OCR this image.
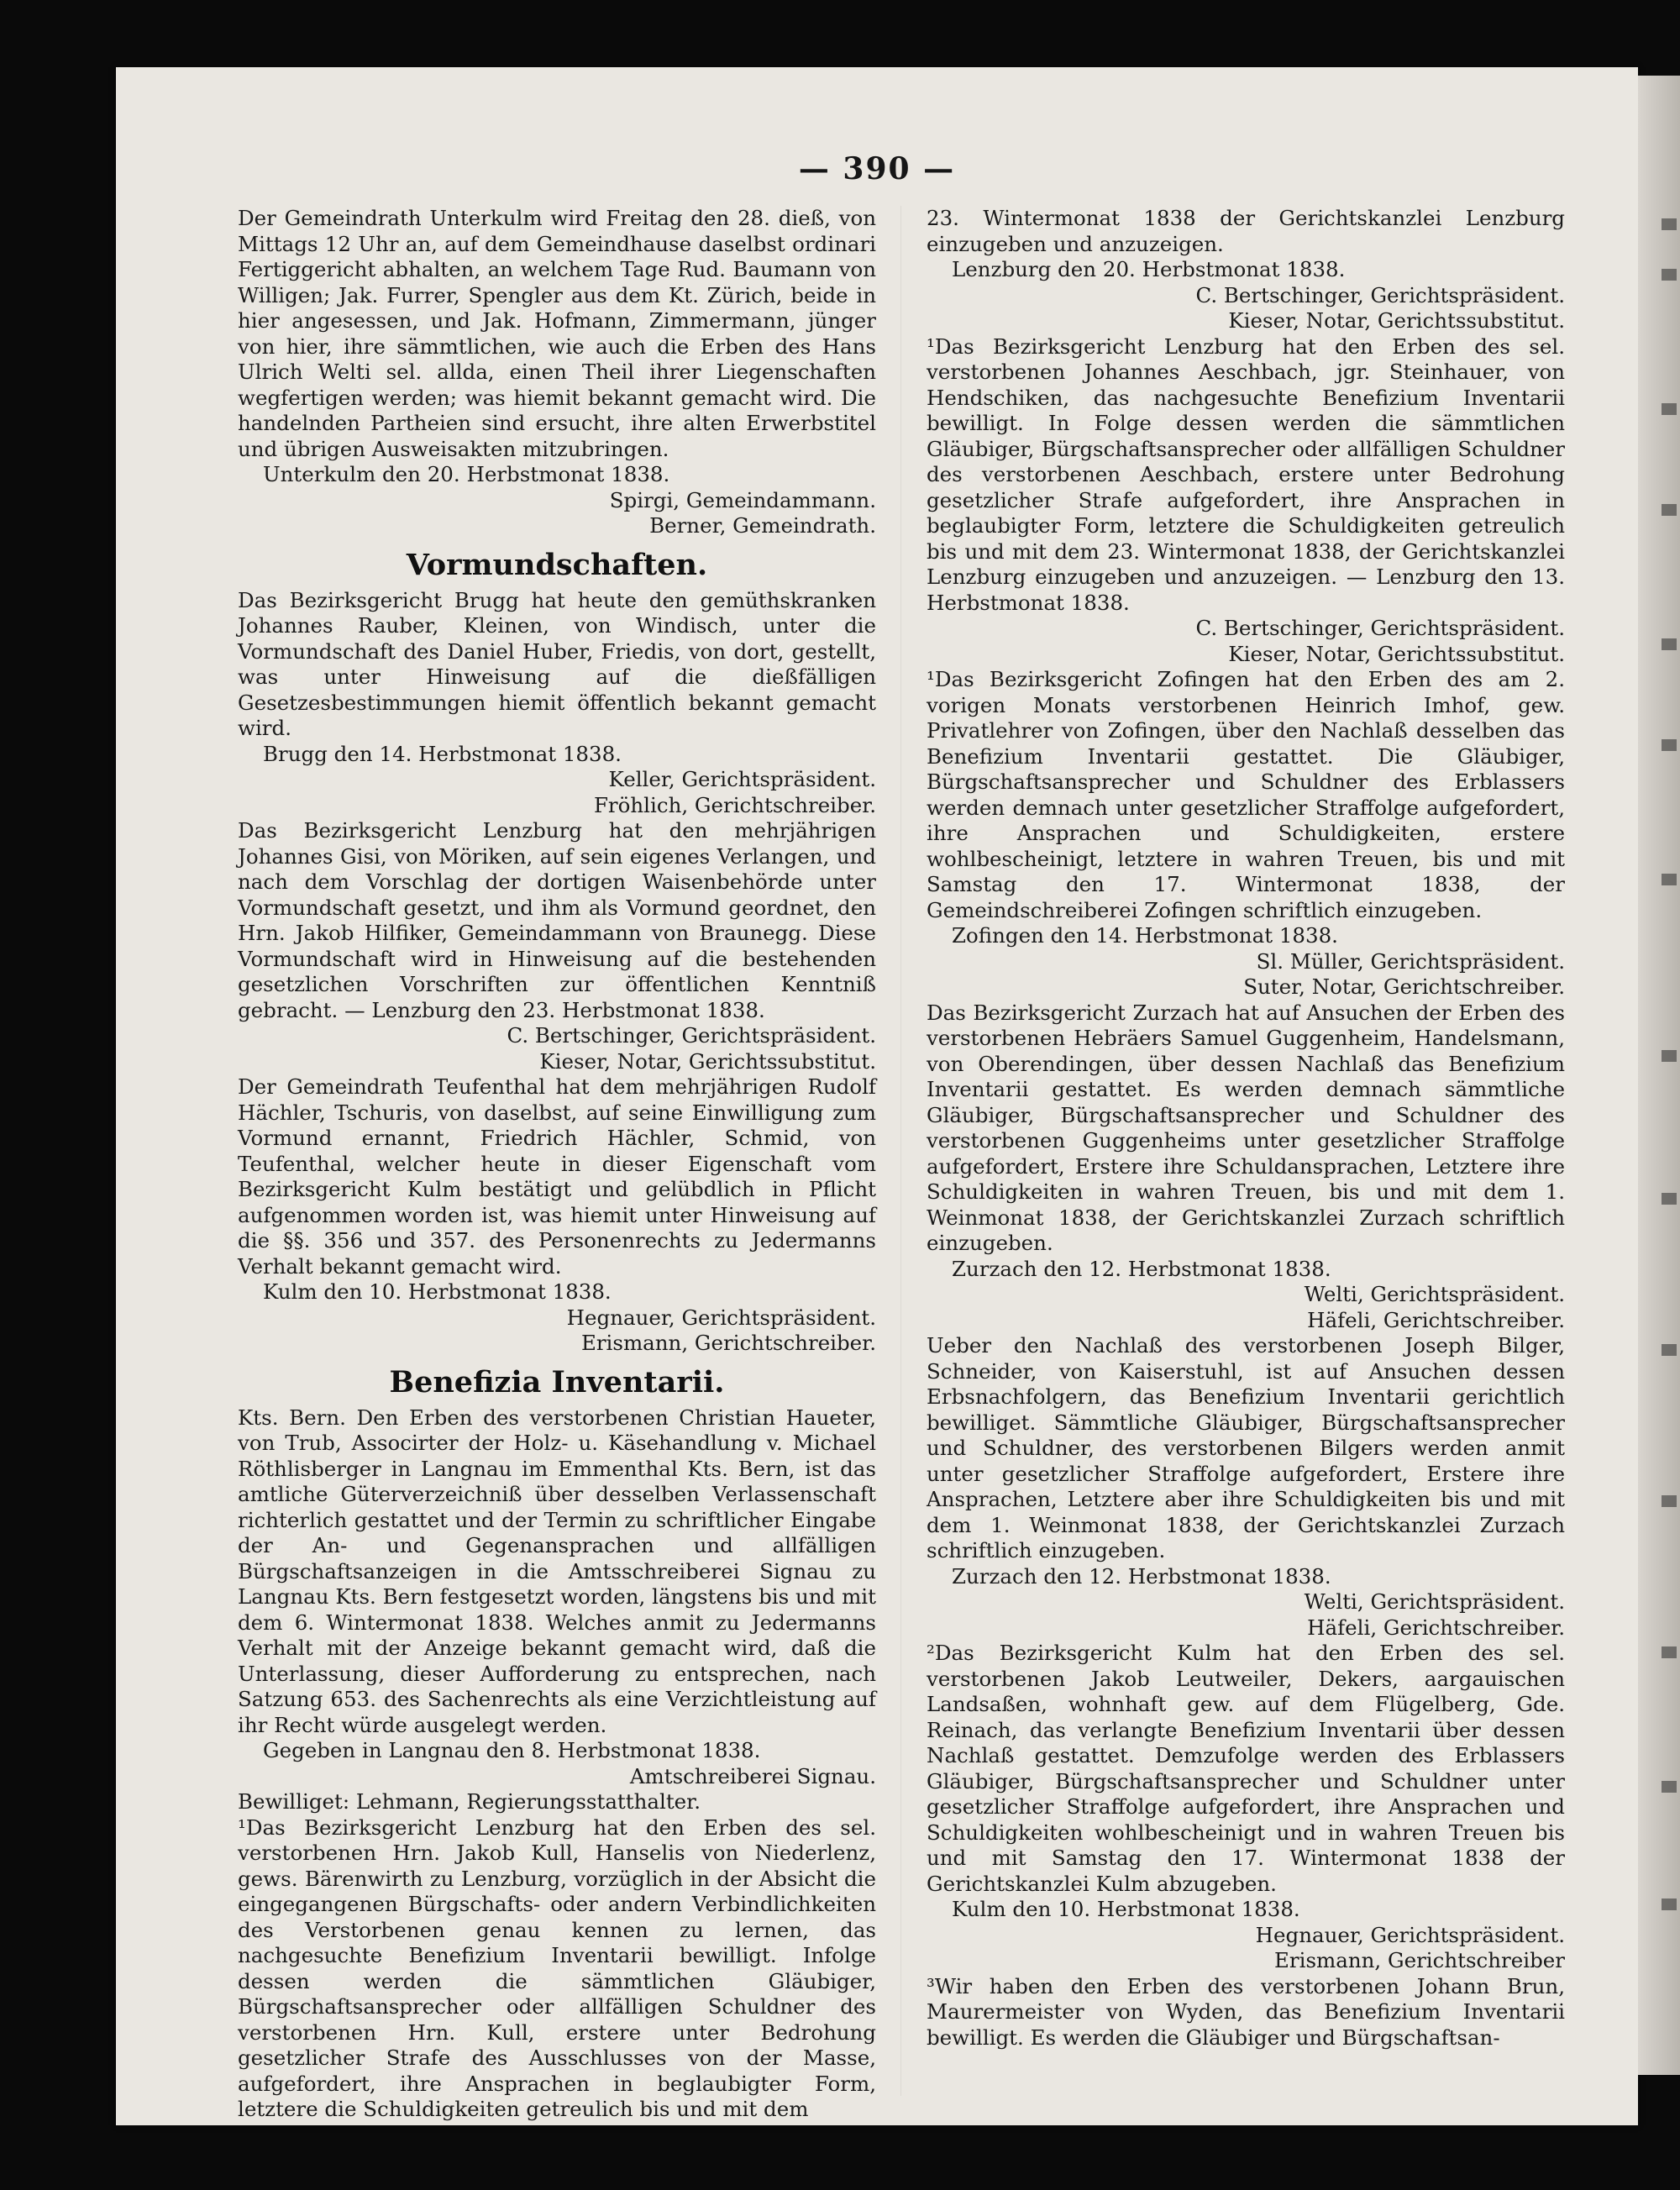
— 390 —

Der Gemeindrath Unterkulm wird Freitag den 28. dieß, von Mittags 12 Uhr an, auf dem Gemeindhause daselbst ordinari Fertiggericht abhalten, an welchem Tage Rud. Baumann von Willigen; Jak. Furrer, Spengler aus dem Kt. Zürich, beide in hier angesessen, und Jak. Hofmann, Zimmermann, jünger von hier, ihre sämmtlichen, wie auch die Erben des Hans Ulrich Welti sel. allda, einen Theil ihrer Liegenschaften wegfertigen werden; was hiemit bekannt gemacht wird. Die handelnden Partheien sind ersucht, ihre alten Erwerbstitel und übrigen Ausweisakten mitzubringen.

Unterkulm den 20. Herbstmonat 1838.

Spirgi, Gemeindammann.

Berner, Gemeindrath.

Vormundschaften.

Das Bezirksgericht Brugg hat heute den gemüthskranken Johannes Rauber, Kleinen, von Windisch, unter die Vormundschaft des Daniel Huber, Friedis, von dort, gestellt, was unter Hinweisung auf die dießfälligen Gesetzesbestimmungen hiemit öffentlich bekannt gemacht wird.

Brugg den 14. Herbstmonat 1838.

Keller, Gerichtspräsident.

Fröhlich, Gerichtschreiber.

Das Bezirksgericht Lenzburg hat den mehrjährigen Johannes Gisi, von Möriken, auf sein eigenes Verlangen, und nach dem Vorschlag der dortigen Waisenbehörde unter Vormundschaft gesetzt, und ihm als Vormund geordnet, den Hrn. Jakob Hilfiker, Gemeindammann von Braunegg. Diese Vormundschaft wird in Hinweisung auf die bestehenden gesetzlichen Vorschriften zur öffentlichen Kenntniß gebracht. — Lenzburg den 23. Herbstmonat 1838.

C. Bertschinger, Gerichtspräsident.

Kieser, Notar, Gerichtssubstitut.

Der Gemeindrath Teufenthal hat dem mehrjährigen Rudolf Hächler, Tschuris, von daselbst, auf seine Einwilligung zum Vormund ernannt, Friedrich Hächler, Schmid, von Teufenthal, welcher heute in dieser Eigenschaft vom Bezirksgericht Kulm bestätigt und gelübdlich in Pflicht aufgenommen worden ist, was hiemit unter Hinweisung auf die §§. 356 und 357. des Personenrechts zu Jedermanns Verhalt bekannt gemacht wird.

Kulm den 10. Herbstmonat 1838.

Hegnauer, Gerichtspräsident.

Erismann, Gerichtschreiber.

Benefizia Inventarii.

Kts. Bern. Den Erben des verstorbenen Christian Haueter, von Trub, Associrter der Holz- u. Käsehandlung v. Michael Röthlisberger in Langnau im Emmenthal Kts. Bern, ist das amtliche Güterverzeichniß über desselben Verlassenschaft richterlich gestattet und der Termin zu schriftlicher Eingabe der An- und Gegenansprachen und allfälligen Bürgschaftsanzeigen in die Amtsschreiberei Signau zu Langnau Kts. Bern festgesetzt worden, längstens bis und mit dem 6. Wintermonat 1838. Welches anmit zu Jedermanns Verhalt mit der Anzeige bekannt gemacht wird, daß die Unterlassung, dieser Aufforderung zu entsprechen, nach Satzung 653. des Sachenrechts als eine Verzichtleistung auf ihr Recht würde ausgelegt werden.

Gegeben in Langnau den 8. Herbstmonat 1838.

Amtschreiberei Signau.

Bewilliget: Lehmann, Regierungsstatthalter.

¹Das Bezirksgericht Lenzburg hat den Erben des sel. verstorbenen Hrn. Jakob Kull, Hanselis von Niederlenz, gews. Bärenwirth zu Lenzburg, vorzüglich in der Absicht die eingegangenen Bürgschafts- oder andern Verbindlichkeiten des Verstorbenen genau kennen zu lernen, das nachgesuchte Benefizium Inventarii bewilligt. Infolge dessen werden die sämmtlichen Gläubiger, Bürgschaftsansprecher oder allfälligen Schuldner des verstorbenen Hrn. Kull, erstere unter Bedrohung gesetzlicher Strafe des Ausschlusses von der Masse, aufgefordert, ihre Ansprachen in beglaubigter Form, letztere die Schuldigkeiten getreulich bis und mit dem

23. Wintermonat 1838 der Gerichtskanzlei Lenzburg einzugeben und anzuzeigen.

Lenzburg den 20. Herbstmonat 1838.

C. Bertschinger, Gerichtspräsident.

Kieser, Notar, Gerichtssubstitut.

¹Das Bezirksgericht Lenzburg hat den Erben des sel. verstorbenen Johannes Aeschbach, jgr. Steinhauer, von Hendschiken, das nachgesuchte Benefizium Inventarii bewilligt. In Folge dessen werden die sämmtlichen Gläubiger, Bürgschaftsansprecher oder allfälligen Schuldner des verstorbenen Aeschbach, erstere unter Bedrohung gesetzlicher Strafe aufgefordert, ihre Ansprachen in beglaubigter Form, letztere die Schuldigkeiten getreulich bis und mit dem 23. Wintermonat 1838, der Gerichtskanzlei Lenzburg einzugeben und anzuzeigen. — Lenzburg den 13. Herbstmonat 1838.

C. Bertschinger, Gerichtspräsident.

Kieser, Notar, Gerichtssubstitut.

¹Das Bezirksgericht Zofingen hat den Erben des am 2. vorigen Monats verstorbenen Heinrich Imhof, gew. Privatlehrer von Zofingen, über den Nachlaß desselben das Benefizium Inventarii gestattet. Die Gläubiger, Bürgschaftsansprecher und Schuldner des Erblassers werden demnach unter gesetzlicher Straffolge aufgefordert, ihre Ansprachen und Schuldigkeiten, erstere wohlbescheinigt, letztere in wahren Treuen, bis und mit Samstag den 17. Wintermonat 1838, der Gemeindschreiberei Zofingen schriftlich einzugeben.

Zofingen den 14. Herbstmonat 1838.

Sl. Müller, Gerichtspräsident.

Suter, Notar, Gerichtschreiber.

Das Bezirksgericht Zurzach hat auf Ansuchen der Erben des verstorbenen Hebräers Samuel Guggenheim, Handelsmann, von Oberendingen, über dessen Nachlaß das Benefizium Inventarii gestattet. Es werden demnach sämmtliche Gläubiger, Bürgschaftsansprecher und Schuldner des verstorbenen Guggenheims unter gesetzlicher Straffolge aufgefordert, Erstere ihre Schuldansprachen, Letztere ihre Schuldigkeiten in wahren Treuen, bis und mit dem 1. Weinmonat 1838, der Gerichtskanzlei Zurzach schriftlich einzugeben.

Zurzach den 12. Herbstmonat 1838.

Welti, Gerichtspräsident.

Häfeli, Gerichtschreiber.

Ueber den Nachlaß des verstorbenen Joseph Bilger, Schneider, von Kaiserstuhl, ist auf Ansuchen dessen Erbsnachfolgern, das Benefizium Inventarii gerichtlich bewilliget. Sämmtliche Gläubiger, Bürgschaftsansprecher und Schuldner, des verstorbenen Bilgers werden anmit unter gesetzlicher Straffolge aufgefordert, Erstere ihre Ansprachen, Letztere aber ihre Schuldigkeiten bis und mit dem 1. Weinmonat 1838, der Gerichtskanzlei Zurzach schriftlich einzugeben.

Zurzach den 12. Herbstmonat 1838.

Welti, Gerichtspräsident.

Häfeli, Gerichtschreiber.

²Das Bezirksgericht Kulm hat den Erben des sel. verstorbenen Jakob Leutweiler, Dekers, aargauischen Landsaßen, wohnhaft gew. auf dem Flügelberg, Gde. Reinach, das verlangte Benefizium Inventarii über dessen Nachlaß gestattet. Demzufolge werden des Erblassers Gläubiger, Bürgschaftsansprecher und Schuldner unter gesetzlicher Straffolge aufgefordert, ihre Ansprachen und Schuldigkeiten wohlbescheinigt und in wahren Treuen bis und mit Samstag den 17. Wintermonat 1838 der Gerichtskanzlei Kulm abzugeben.

Kulm den 10. Herbstmonat 1838.

Hegnauer, Gerichtspräsident.

Erismann, Gerichtschreiber

³Wir haben den Erben des verstorbenen Johann Brun, Maurermeister von Wyden, das Benefizium Inventarii bewilligt. Es werden die Gläubiger und Bürgschaftsan-
